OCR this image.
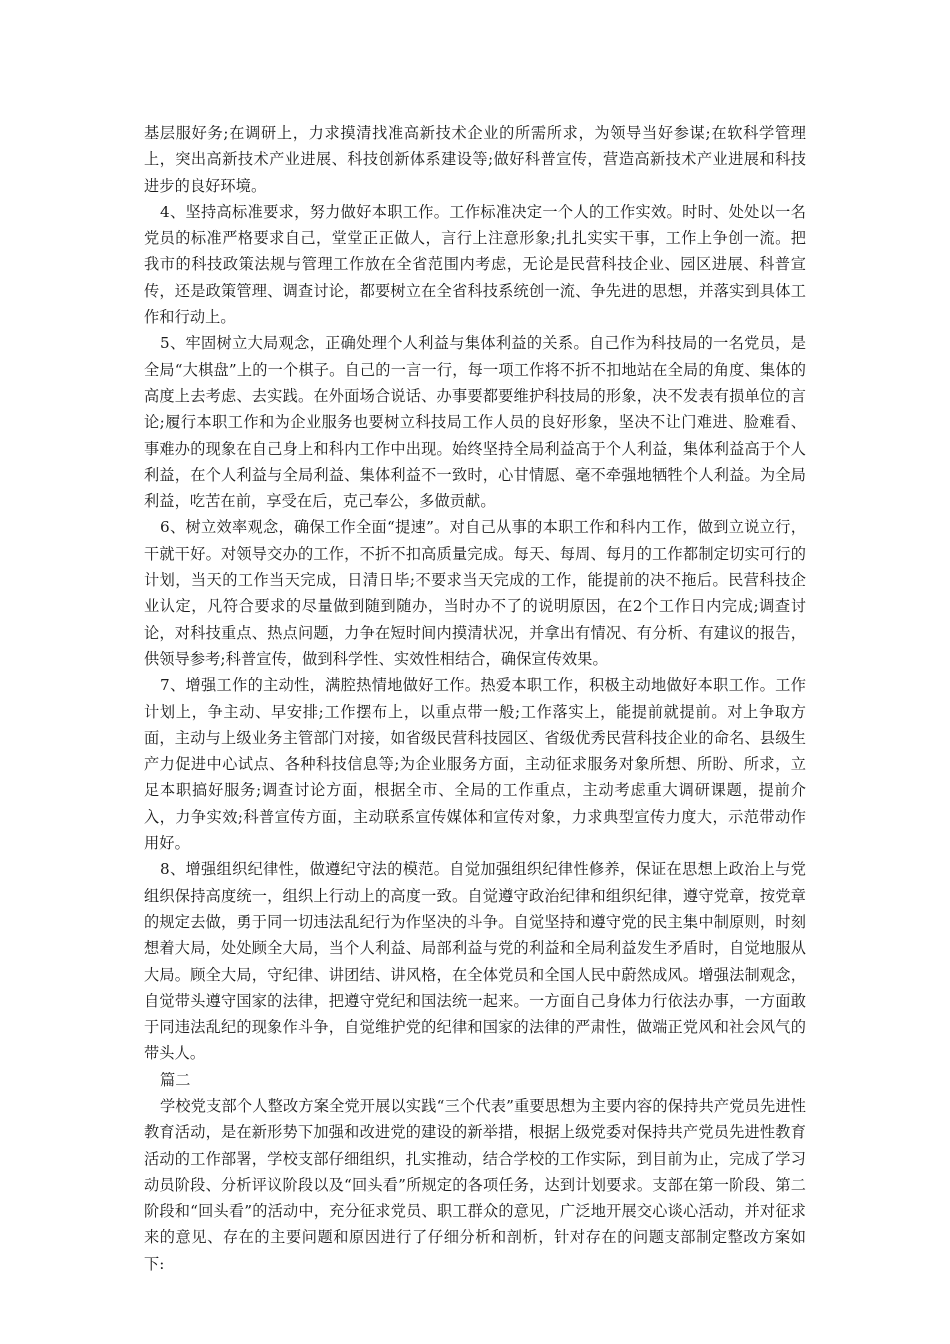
基层服好务;在调研上，力求摸清找准高新技术企业的所需所求，为领导当好参谋;在软科学管理上，突出高新技术产业进展、科技创新体系建设等;做好科普宣传，营造高新技术产业进展和科技进步的良好环境。

4、坚持高标准要求，努力做好本职工作。工作标准决定一个人的工作实效。时时、处处以一名党员的标准严格要求自己，堂堂正正做人，言行上注意形象;扎扎实实干事，工作上争创一流。把我市的科技政策法规与管理工作放在全省范围内考虑，无论是民营科技企业、园区进展、科普宣传，还是政策管理、调查讨论，都要树立在全省科技系统创一流、争先进的思想，并落实到具体工作和行动上。

5、牢固树立大局观念，正确处理个人利益与集体利益的关系。自己作为科技局的一名党员，是全局“大棋盘”上的一个棋子。自己的一言一行，每一项工作将不折不扣地站在全局的角度、集体的高度上去考虑、去实践。在外面场合说话、办事要都要维护科技局的形象，决不发表有损单位的言论;履行本职工作和为企业服务也要树立科技局工作人员的良好形象，坚决不让门难进、脸难看、事难办的现象在自己身上和科内工作中出现。始终坚持全局利益高于个人利益，集体利益高于个人利益，在个人利益与全局利益、集体利益不一致时，心甘情愿、毫不牵强地牺牲个人利益。为全局利益，吃苦在前，享受在后，克己奉公，多做贡献。

6、树立效率观念，确保工作全面“提速”。对自己从事的本职工作和科内工作，做到立说立行，干就干好。对领导交办的工作，不折不扣高质量完成。每天、每周、每月的工作都制定切实可行的计划，当天的工作当天完成，日清日毕;不要求当天完成的工作，能提前的决不拖后。民营科技企业认定，凡符合要求的尽量做到随到随办，当时办不了的说明原因，在2个工作日内完成;调查讨论，对科技重点、热点问题，力争在短时间内摸清状况，并拿出有情况、有分析、有建议的报告，供领导参考;科普宣传，做到科学性、实效性相结合，确保宣传效果。

7、增强工作的主动性，满腔热情地做好工作。热爱本职工作，积极主动地做好本职工作。工作计划上，争主动、早安排;工作摆布上，以重点带一般;工作落实上，能提前就提前。对上争取方面，主动与上级业务主管部门对接，如省级民营科技园区、省级优秀民营科技企业的命名、县级生产力促进中心试点、各种科技信息等;为企业服务方面，主动征求服务对象所想、所盼、所求，立足本职搞好服务;调查讨论方面，根据全市、全局的工作重点，主动考虑重大调研课题，提前介入，力争实效;科普宣传方面，主动联系宣传媒体和宣传对象，力求典型宣传力度大，示范带动作用好。

8、增强组织纪律性，做遵纪守法的模范。自觉加强组织纪律性修养，保证在思想上政治上与党组织保持高度统一，组织上行动上的高度一致。自觉遵守政治纪律和组织纪律，遵守党章，按党章的规定去做，勇于同一切违法乱纪行为作坚决的斗争。自觉坚持和遵守党的民主集中制原则，时刻想着大局，处处顾全大局，当个人利益、局部利益与党的利益和全局利益发生矛盾时，自觉地服从大局。顾全大局，守纪律、讲团结、讲风格，在全体党员和全国人民中蔚然成风。增强法制观念，自觉带头遵守国家的法律，把遵守党纪和国法统一起来。一方面自己身体力行依法办事，一方面敢于同违法乱纪的现象作斗争，自觉维护党的纪律和国家的法律的严肃性，做端正党风和社会风气的带头人。

篇二

学校党支部个人整改方案全党开展以实践“三个代表”重要思想为主要内容的保持共产党员先进性教育活动，是在新形势下加强和改进党的建设的新举措，根据上级党委对保持共产党员先进性教育活动的工作部署，学校支部仔细组织，扎实推动，结合学校的工作实际，到目前为止，完成了学习动员阶段、分析评议阶段以及“回头看”所规定的各项任务，达到计划要求。支部在第一阶段、第二阶段和“回头看”的活动中，充分征求党员、职工群众的意见，广泛地开展交心谈心活动，并对征求来的意见、存在的主要问题和原因进行了仔细分析和剖析，针对存在的问题支部制定整改方案如下:
